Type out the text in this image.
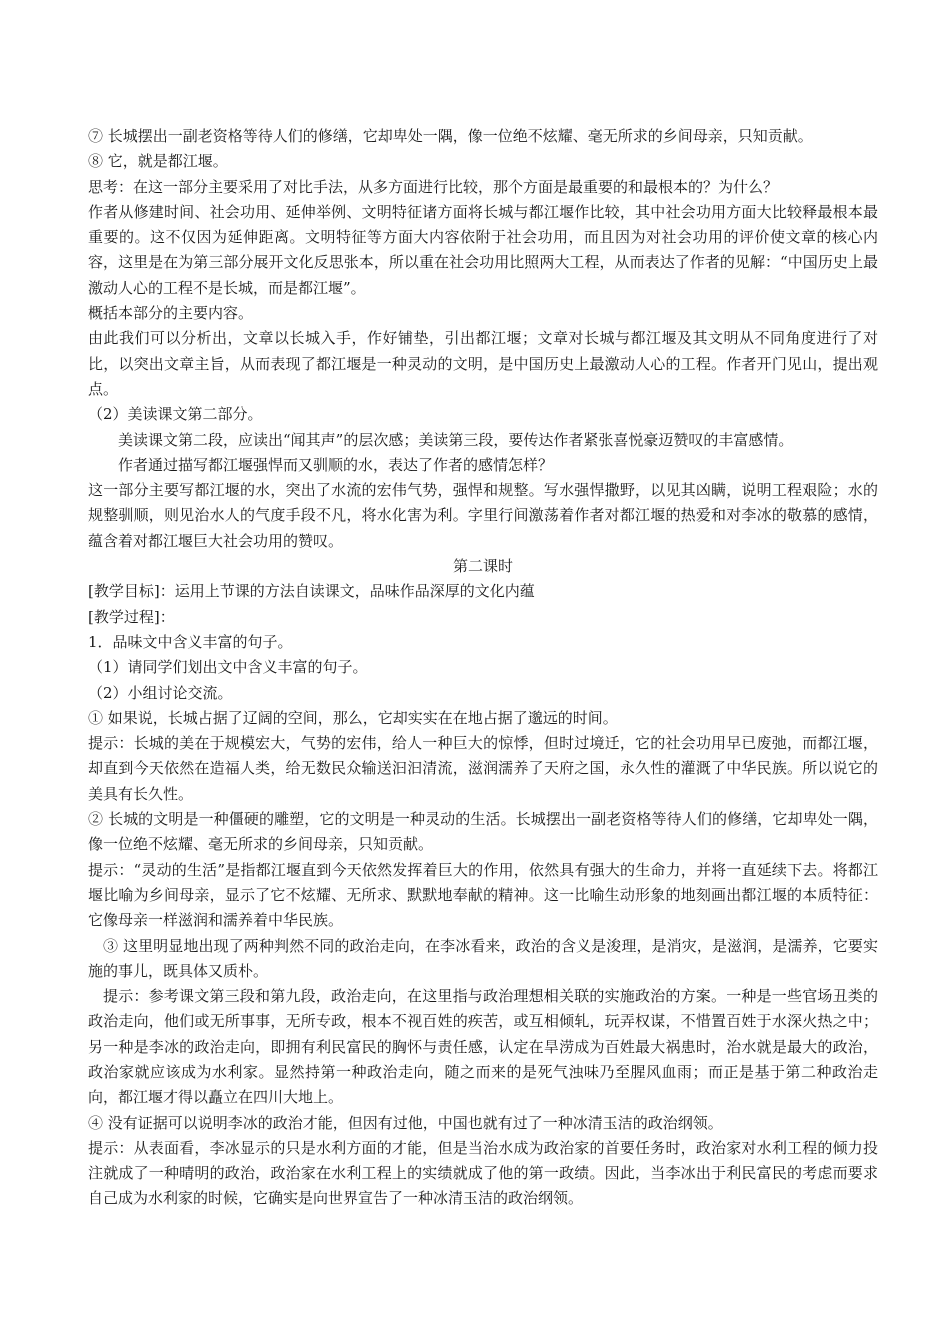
⑦ 长城摆出一副老资格等待人们的修缮，它却卑处一隅，像一位绝不炫耀、毫无所求的乡间母亲，只知贡献。

⑧ 它，就是都江堰。

思考：在这一部分主要采用了对比手法，从多方面进行比较，那个方面是最重要的和最根本的？为什么？

作者从修建时间、社会功用、延伸举例、文明特征诸方面将长城与都江堰作比较，其中社会功用方面大比较释最根本最重要的。这不仅因为延伸距离。文明特征等方面大内容依附于社会功用，而且因为对社会功用的评价使文章的核心内容，这里是在为第三部分展开文化反思张本，所以重在社会功用比照两大工程，从而表达了作者的见解：“中国历史上最激动人心的工程不是长城，而是都江堰”。

概括本部分的主要内容。

由此我们可以分析出，文章以长城入手，作好铺垫，引出都江堰；文章对长城与都江堰及其文明从不同角度进行了对比，以突出文章主旨，从而表现了都江堰是一种灵动的文明，是中国历史上最激动人心的工程。作者开门见山，提出观点。

（2）美读课文第二部分。

美读课文第二段，应读出“闻其声”的层次感；美读第三段，要传达作者紧张喜悦豪迈赞叹的丰富感情。

作者通过描写都江堰强悍而又驯顺的水，表达了作者的感情怎样？

这一部分主要写都江堰的水，突出了水流的宏伟气势，强悍和规整。写水强悍撒野，以见其凶瞒，说明工程艰险；水的规整驯顺，则见治水人的气度手段不凡，将水化害为利。字里行间激荡着作者对都江堰的热爱和对李冰的敬慕的感情，蕴含着对都江堰巨大社会功用的赞叹。

第二课时

[教学目标]：运用上节课的方法自读课文，品味作品深厚的文化内蕴

[教学过程]：

1．品味文中含义丰富的句子。

（1）请同学们划出文中含义丰富的句子。

（2）小组讨论交流。

① 如果说，长城占据了辽阔的空间，那么，它却实实在在地占据了邈远的时间。

提示：长城的美在于规模宏大，气势的宏伟，给人一种巨大的惊悸，但时过境迁，它的社会功用早已废弛，而都江堰，却直到今天依然在造福人类，给无数民众输送汩汩清流，滋润濡养了天府之国，永久性的灌溉了中华民族。所以说它的美具有长久性。

② 长城的文明是一种僵硬的雕塑，它的文明是一种灵动的生活。长城摆出一副老资格等待人们的修缮，它却卑处一隅，像一位绝不炫耀、毫无所求的乡间母亲，只知贡献。

提示：“灵动的生活”是指都江堰直到今天依然发挥着巨大的作用，依然具有强大的生命力，并将一直延续下去。将都江堰比喻为乡间母亲，显示了它不炫耀、无所求、默默地奉献的精神。这一比喻生动形象的地刻画出都江堰的本质特征：它像母亲一样滋润和濡养着中华民族。

③ 这里明显地出现了两种判然不同的政治走向，在李冰看来，政治的含义是浚理，是消灾，是滋润，是濡养，它要实施的事儿，既具体又质朴。

提示：参考课文第三段和第九段，政治走向，在这里指与政治理想相关联的实施政治的方案。一种是一些官场丑类的政治走向，他们或无所事事，无所专政，根本不视百姓的疾苦，或互相倾轧，玩弄权谋，不惜置百姓于水深火热之中；另一种是李冰的政治走向，即拥有利民富民的胸怀与责任感，认定在旱涝成为百姓最大祸患时，治水就是最大的政治，政治家就应该成为水利家。显然持第一种政治走向，随之而来的是死气浊味乃至腥风血雨；而正是基于第二种政治走向，都江堰才得以矗立在四川大地上。

④ 没有证据可以说明李冰的政治才能，但因有过他，中国也就有过了一种冰清玉洁的政治纲领。

提示：从表面看，李冰显示的只是水利方面的才能，但是当治水成为政治家的首要任务时，政治家对水利工程的倾力投注就成了一种晴明的政治，政治家在水利工程上的实绩就成了他的第一政绩。因此，当李冰出于利民富民的考虑而要求自己成为水利家的时候，它确实是向世界宣告了一种冰清玉洁的政治纲领。
